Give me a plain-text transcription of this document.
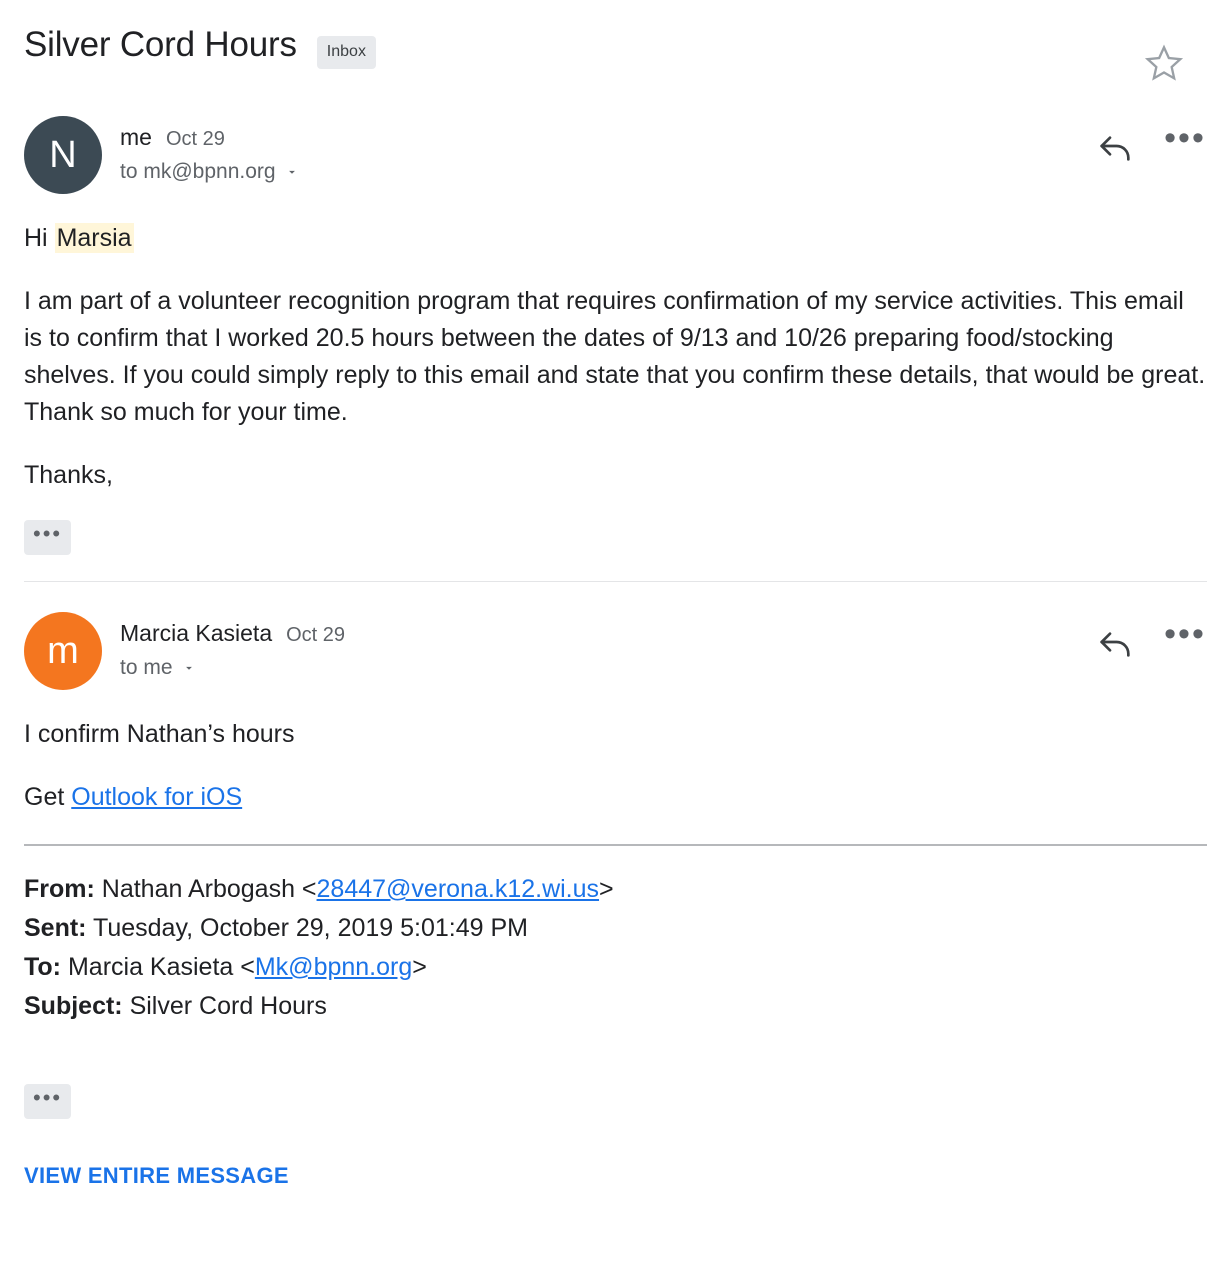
Silver Cord Hours	Inbox
N	me Oct 29
to mk@bpnn.org
•••

Hi Marsia

I am part of a volunteer recognition program that requires confirmation of my service activities. This email is to confirm that I worked 20.5 hours between the dates of 9/13 and 10/26 preparing food/stocking shelves. If you could simply reply to this email and state that you confirm these details, that would be great. Thank so much for your time.

Thanks,

•••
m	Marcia Kasieta Oct 29
to me
•••

I confirm Nathan’s hours

Get Outlook for iOS

From: Nathan Arbogash <28447@verona.k12.wi.us>
Sent: Tuesday, October 29, 2019 5:01:49 PM
To: Marcia Kasieta <Mk@bpnn.org>
Subject: Silver Cord Hours
•••
VIEW ENTIRE MESSAGE
